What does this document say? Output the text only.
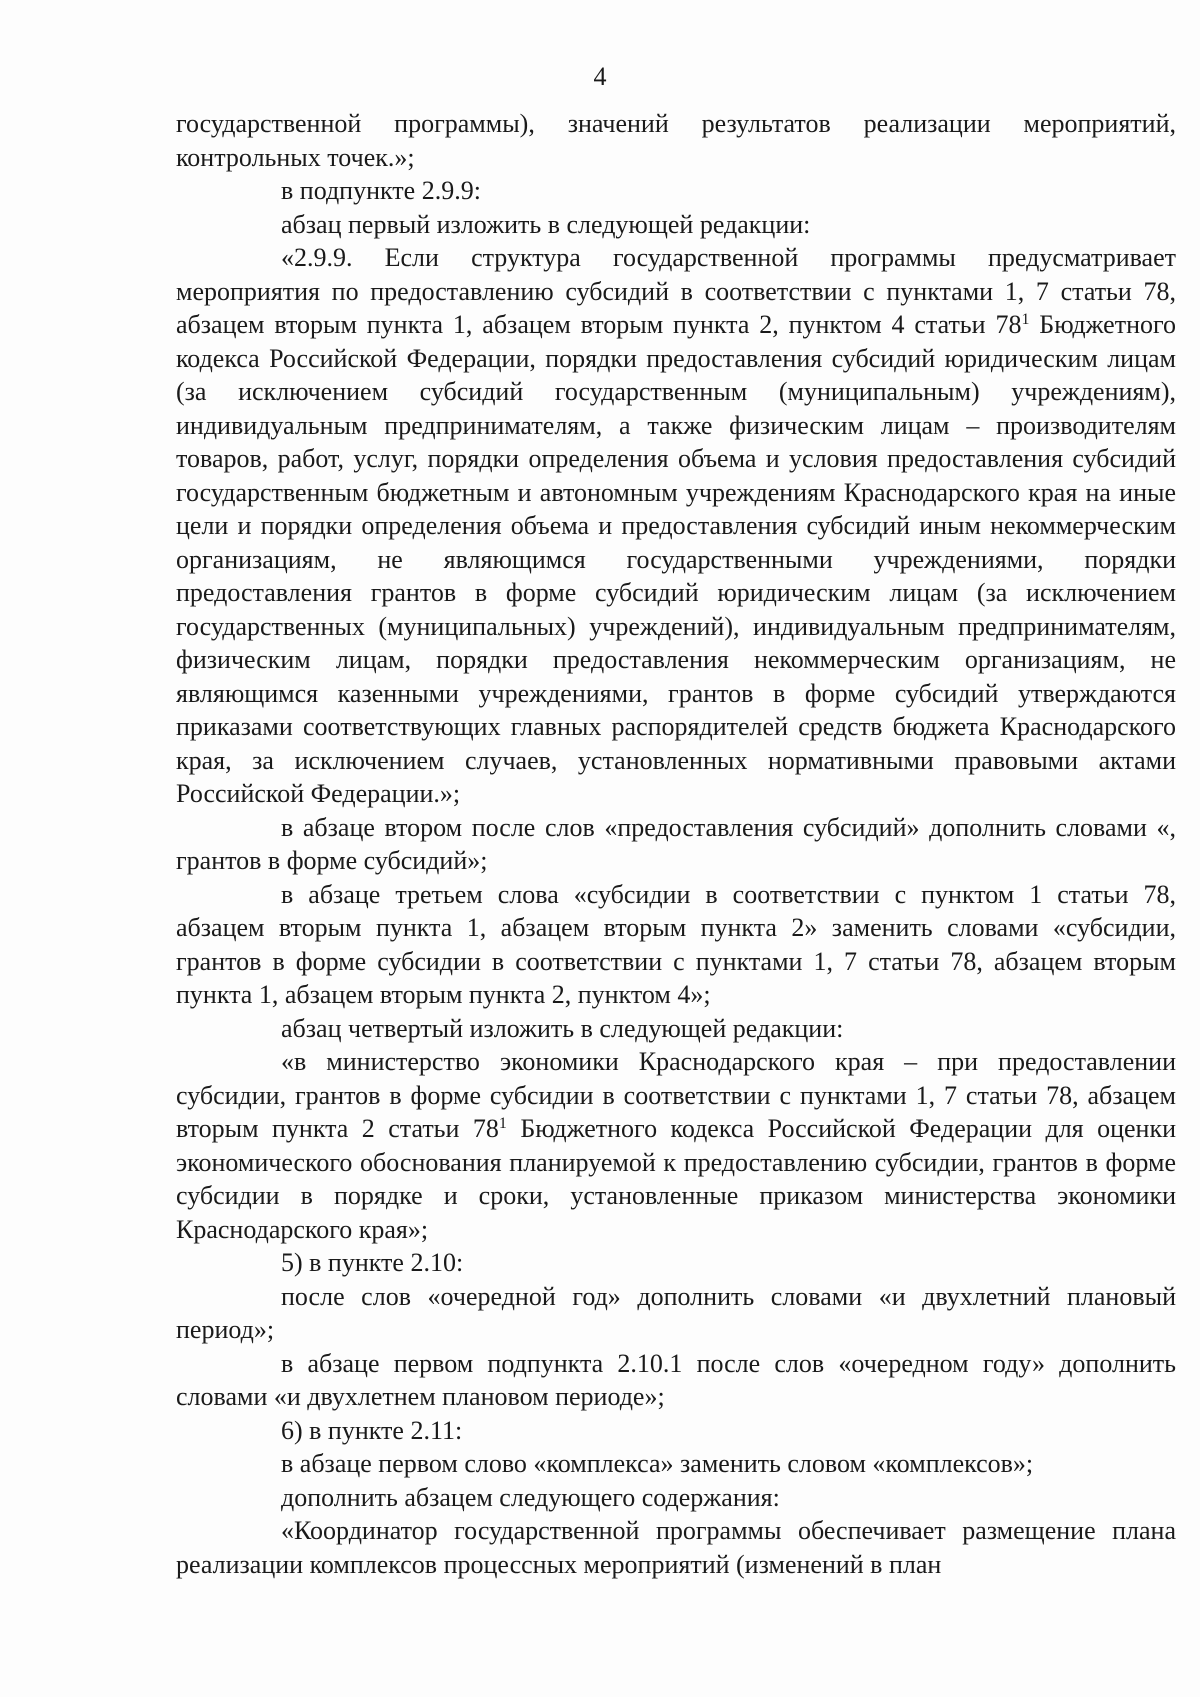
4

государственной программы), значений результатов реализации мероприятий, контрольных точек.»;

в подпункте 2.9.9:

абзац первый изложить в следующей редакции:

«2.9.9. Если структура государственной программы предусматривает мероприятия по предоставлению субсидий в соответствии с пунктами 1, 7 статьи 78, абзацем вторым пункта 1, абзацем вторым пункта 2, пунктом 4 статьи $78^1$ Бюджетного кодекса Российской Федерации, порядки предоставления субсидий юридическим лицам (за исключением субсидий государственным (муниципальным) учреждениям), индивидуальным предпринимателям, а также физическим лицам – производителям товаров, работ, услуг, порядки определения объема и условия предоставления субсидий государственным бюджетным и автономным учреждениям Краснодарского края на иные цели и порядки определения объема и предоставления субсидий иным некоммерческим организациям, не являющимся государственными учреждениями, порядки предоставления грантов в форме субсидий юридическим лицам (за исключением государственных (муниципальных) учреждений), индивидуальным предпринимателям, физическим лицам, порядки предоставления некоммерческим организациям, не являющимся казенными учреждениями, грантов в форме субсидий утверждаются приказами соответствующих главных распорядителей средств бюджета Краснодарского края, за исключением случаев, установленных нормативными правовыми актами Российской Федерации.»;

в абзаце втором после слов «предоставления субсидий» дополнить словами «, грантов в форме субсидий»;

в абзаце третьем слова «субсидии в соответствии с пунктом 1 статьи 78, абзацем вторым пункта 1, абзацем вторым пункта 2» заменить словами «субсидии, грантов в форме субсидии в соответствии с пунктами 1, 7 статьи 78, абзацем вторым пункта 1, абзацем вторым пункта 2, пунктом 4»;

абзац четвертый изложить в следующей редакции:

«в министерство экономики Краснодарского края – при предоставлении субсидии, грантов в форме субсидии в соответствии с пунктами 1, 7 статьи 78, абзацем вторым пункта 2 статьи $78^1$ Бюджетного кодекса Российской Федерации для оценки экономического обоснования планируемой к предоставлению субсидии, грантов в форме субсидии в порядке и сроки, установленные приказом министерства экономики Краснодарского края»;

5) в пункте 2.10:

после слов «очередной год» дополнить словами «и двухлетний плановый период»;

в абзаце первом подпункта 2.10.1 после слов «очередном году» дополнить словами «и двухлетнем плановом периоде»;

6) в пункте 2.11:

в абзаце первом слово «комплекса» заменить словом «комплексов»;

дополнить абзацем следующего содержания:

«Координатор государственной программы обеспечивает размещение плана реализации комплексов процессных мероприятий (изменений в план
